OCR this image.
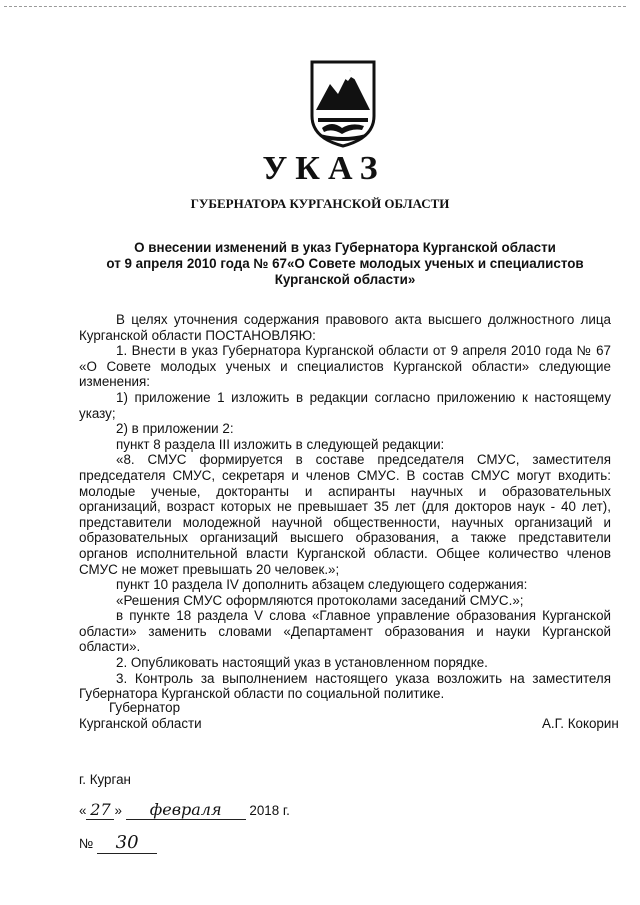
УКАЗ
ГУБЕРНАТОРА КУРГАНСКОЙ ОБЛАСТИ
О внесении изменений в указ Губернатора Курганской области
от 9 апреля 2010 года № 67«О Совете молодых ученых и специалистов
Курганской области»

В целях уточнения содержания правового акта высшего должностного лица Курганской области ПОСТАНОВЛЯЮ:

1. Внести в указ Губернатора Курганской области от 9 апреля 2010 года № 67 «О Совете молодых ученых и специалистов Курганской области» следующие изменения:

1) приложение 1 изложить в редакции согласно приложению к настоящему указу;

2) в приложении 2:

пункт 8 раздела III изложить в следующей редакции:

«8. СМУС формируется в составе председателя СМУС, заместителя председателя СМУС, секретаря и членов СМУС. В состав СМУС могут входить: молодые ученые, докторанты и аспиранты научных и образовательных организаций, возраст которых не превышает 35 лет (для докторов наук - 40 лет), представители молодежной научной общественности, научных организаций и образовательных организаций высшего образования, а также представители органов исполнительной власти Курганской области. Общее количество членов СМУС не может превышать 20 человек.»;

пункт 10 раздела IV дополнить абзацем следующего содержания:

«Решения СМУС оформляются протоколами заседаний СМУС.»;

в пункте 18 раздела V слова «Главное управление образования Курганской области» заменить словами «Департамент образования и науки Курганской области».

2. Опубликовать настоящий указ в установленном порядке.

3. Контроль за выполнением настоящего указа возложить на заместителя Губернатора Курганской области по социальной политике.

Губернатор
Курганской области	А.Г. Кокорин
г. Курган
« 27 » февраля 2018 г.
№ 30
